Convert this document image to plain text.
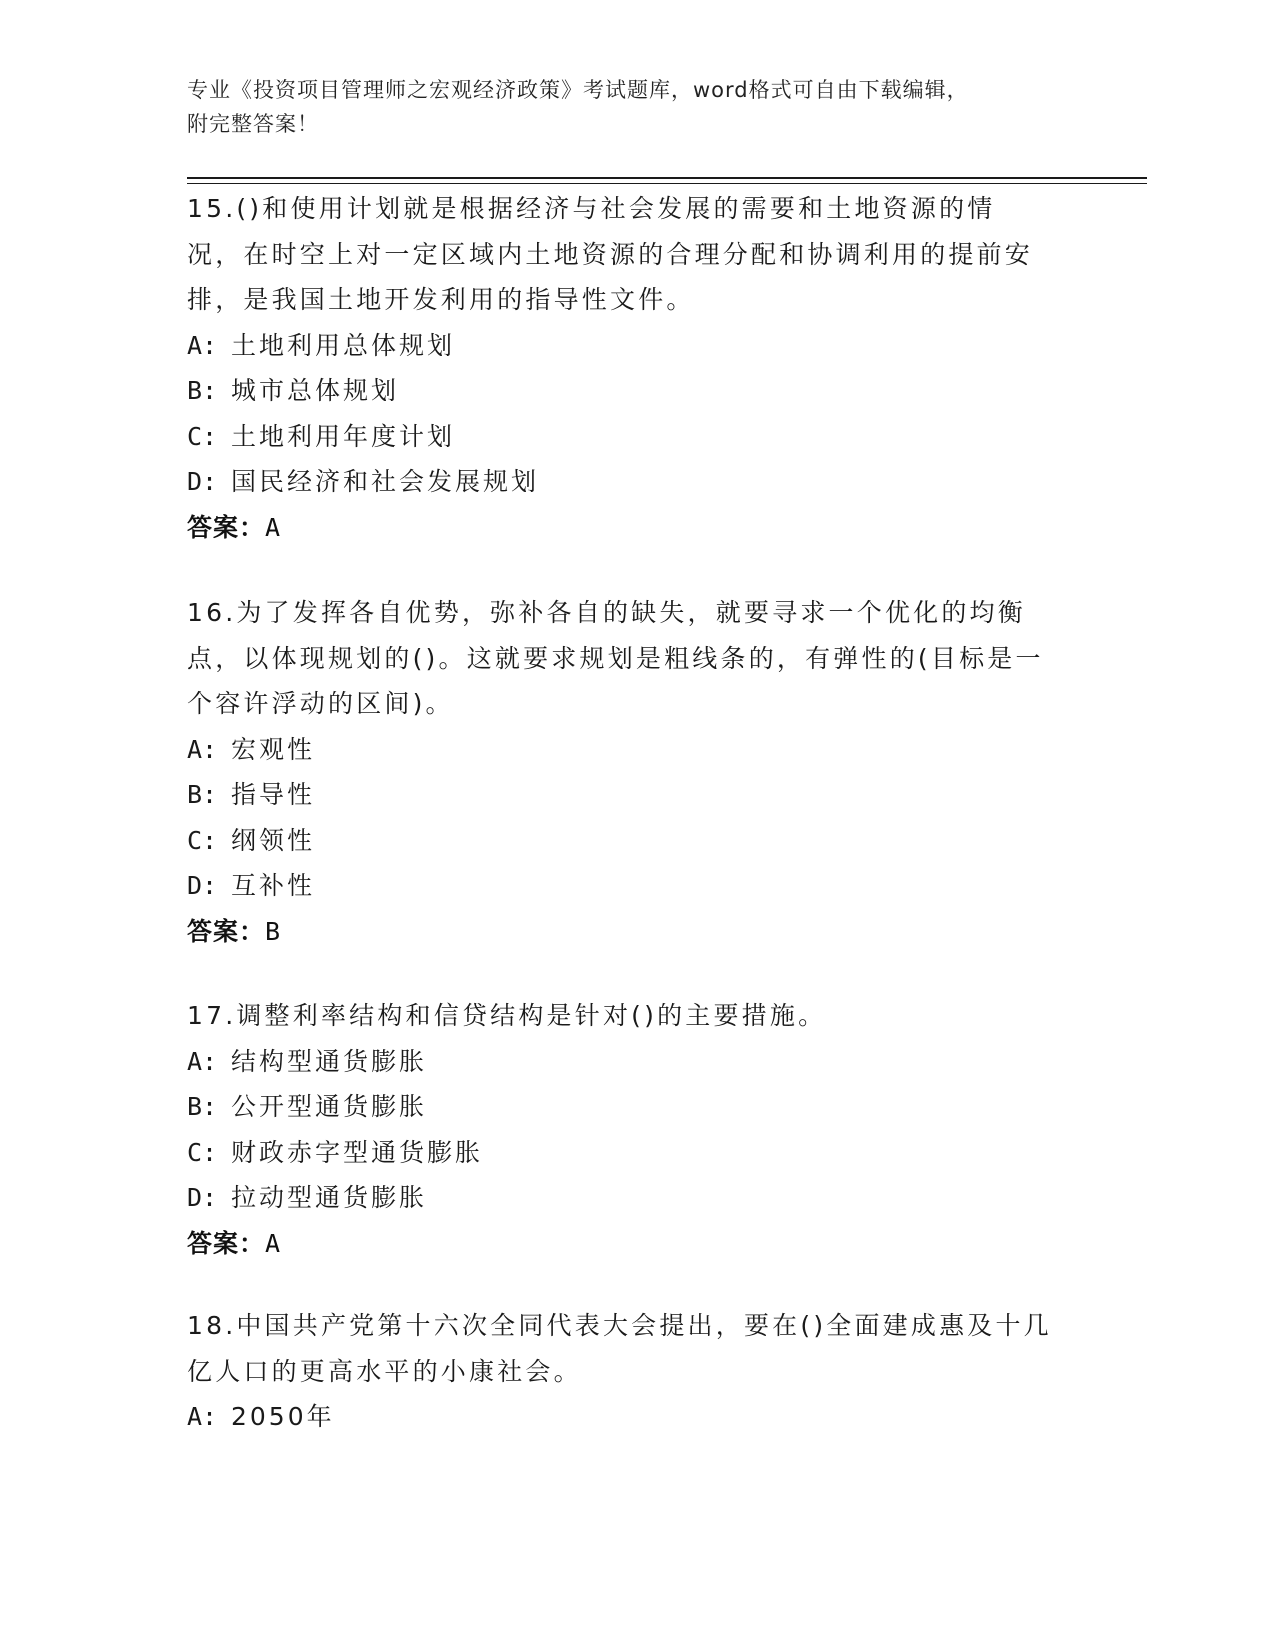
专业《投资项目管理师之宏观经济政策》考试题库，word格式可自由下载编辑，
附完整答案！

15.()和使用计划就是根据经济与社会发展的需要和土地资源的情况，在时空上对一定区域内土地资源的合理分配和协调利用的提前安排，是我国土地开发利用的指导性文件。

A: 土地利用总体规划

B: 城市总体规划

C: 土地利用年度计划

D: 国民经济和社会发展规划

答案：A

16.为了发挥各自优势，弥补各自的缺失，就要寻求一个优化的均衡点，以体现规划的()。这就要求规划是粗线条的，有弹性的(目标是一个容许浮动的区间)。

A: 宏观性

B: 指导性

C: 纲领性

D: 互补性

答案：B

17.调整利率结构和信贷结构是针对()的主要措施。

A: 结构型通货膨胀

B: 公开型通货膨胀

C: 财政赤字型通货膨胀

D: 拉动型通货膨胀

答案：A

18.中国共产党第十六次全同代表大会提出，要在()全面建成惠及十几亿人口的更高水平的小康社会。

A: 2050年
